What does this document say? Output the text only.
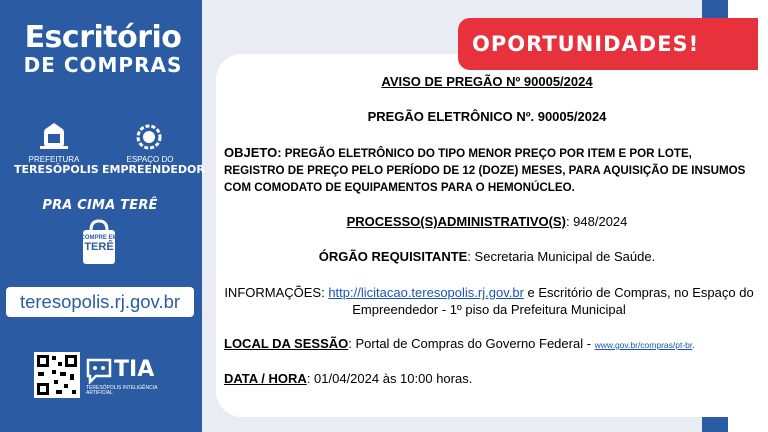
Escritório
DE COMPRAS
PREFEITURA
TERESÓPOLIS
ESPAÇO DO
EMPREENDEDOR
PRA CIMA TERÊ
COMPRE EM
TERÊ
teresopolis.rj.gov.br
TIA
TERESÓPOLIS INTELIGÊNCIA ARTIFICIAL
OPORTUNIDADES!
AVISO DE PREGÃO Nº 90005/2024
PREGÃO ELETRÔNICO Nº. 90005/2024
OBJETO: PREGÃO ELETRÔNICO DO TIPO MENOR PREÇO POR ITEM E POR LOTE, REGISTRO DE PREÇO PELO PERÍODO DE 12 (DOZE) MESES, PARA AQUISIÇÃO DE INSUMOS COM COMODATO DE EQUIPAMENTOS PARA O HEMONÚCLEO.
PROCESSO(S)ADMINISTRATIVO(S): 948/2024
ÓRGÃO REQUISITANTE: Secretaria Municipal de Saúde.
INFORMAÇÕES: http://licitacao.teresopolis.rj.gov.br e Escritório de Compras, no Espaço do Empreendedor - 1º piso da Prefeitura Municipal
LOCAL DA SESSÃO: Portal de Compras do Governo Federal - www.gov.br/compras/pt-br.
DATA / HORA: 01/04/2024 às 10:00 horas.
